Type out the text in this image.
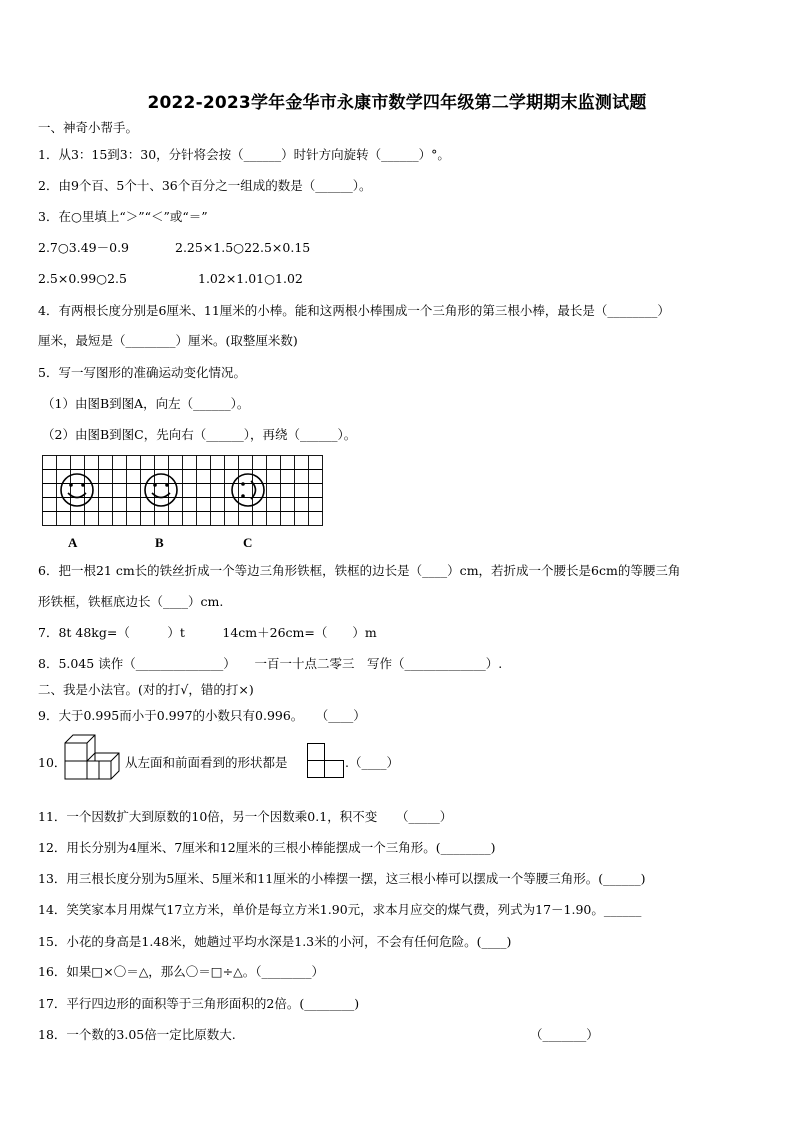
2022-2023学年金华市永康市数学四年级第二学期期末监测试题
一、神奇小帮手。
1．从3：15到3：30，分针将会按（______）时针方向旋转（______）°。
2．由9个百、5个十、36个百分之一组成的数是（______）。
3．在○里填上“＞”“＜”或“＝”
2.7○3.49－0.9	2.25×1.5○22.5×0.15
2.5×0.99○2.5	1.02×1.01○1.02
4．有两根长度分别是6厘米、11厘米的小棒。能和这两根小棒围成一个三角形的第三根小棒，最长是（________）
厘米，最短是（________）厘米。(取整厘米数)
5．写一写图形的准确运动变化情况。
（1）由图B到图A，向左（______）。
（2）由图B到图C，先向右（______），再绕（______）。
A	B	C
6．把一根21 cm长的铁丝折成一个等边三角形铁框，铁框的边长是（____）cm，若折成一个腰长是6cm的等腰三角
形铁框，铁框底边长（____）cm.
7．8t 48kg=（　　　）t　　　14cm＋26cm=（　　）m
8．5.045 读作（______________）　　一百一十点二零三　写作（_____________）.
二、我是小法官。(对的打√，错的打×)
9．大于0.995而小于0.997的小数只有0.996。　　（____）
10．	从左面和前面看到的形状都是	.（____）
11．一个因数扩大到原数的10倍，另一个因数乘0.1，积不变　　（_____）
12．用长分别为4厘米、7厘米和12厘米的三根小棒能摆成一个三角形。(________)
13．用三根长度分别为5厘米、5厘米和11厘米的小棒摆一摆，这三根小棒可以摆成一个等腰三角形。(______)
14．笑笑家本月用煤气17立方米，单价是每立方米1.90元，求本月应交的煤气费，列式为17－1.90。______
15．小花的身高是1.48米，她趟过平均水深是1.3米的小河，不会有任何危险。(____)
16．如果□×〇＝△，那么〇＝□÷△。（________）
17．平行四边形的面积等于三角形面积的2倍。(________)
18．一个数的3.05倍一定比原数大.	（_______）
